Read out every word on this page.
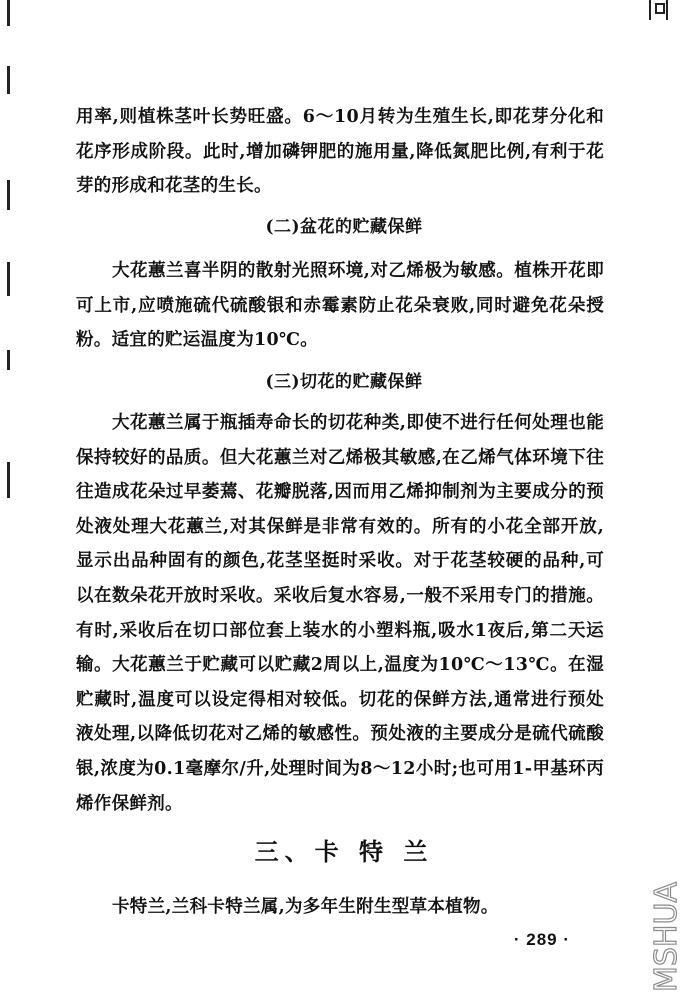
用率,则植株茎叶长势旺盛。6～10月转为生殖生长,即花芽分化和花序形成阶段。此时,增加磷钾肥的施用量,降低氮肥比例,有利于花芽的形成和花茎的生长。

(二)盆花的贮藏保鲜

大花蕙兰喜半阴的散射光照环境,对乙烯极为敏感。植株开花即可上市,应喷施硫代硫酸银和赤霉素防止花朵衰败,同时避免花朵授粉。适宜的贮运温度为10℃。

(三)切花的贮藏保鲜

大花蕙兰属于瓶插寿命长的切花种类,即使不进行任何处理也能保持较好的品质。但大花蕙兰对乙烯极其敏感,在乙烯气体环境下往往造成花朵过早萎蔫、花瓣脱落,因而用乙烯抑制剂为主要成分的预处液处理大花蕙兰,对其保鲜是非常有效的。所有的小花全部开放,显示出品种固有的颜色,花茎坚挺时采收。对于花茎较硬的品种,可以在数朵花开放时采收。采收后复水容易,一般不采用专门的措施。有时,采收后在切口部位套上装水的小塑料瓶,吸水1夜后,第二天运输。大花蕙兰于贮藏可以贮藏2周以上,温度为10℃～13℃。在湿贮藏时,温度可以设定得相对较低。切花的保鲜方法,通常进行预处液处理,以降低切花对乙烯的敏感性。预处液的主要成分是硫代硫酸银,浓度为0.1毫摩尔/升,处理时间为8～12小时;也可用1-甲基环丙烯作保鲜剂。

三、卡 特 兰

卡特兰,兰科卡特兰属,为多年生附生型草本植物。

· 289 ·	MSHUA
